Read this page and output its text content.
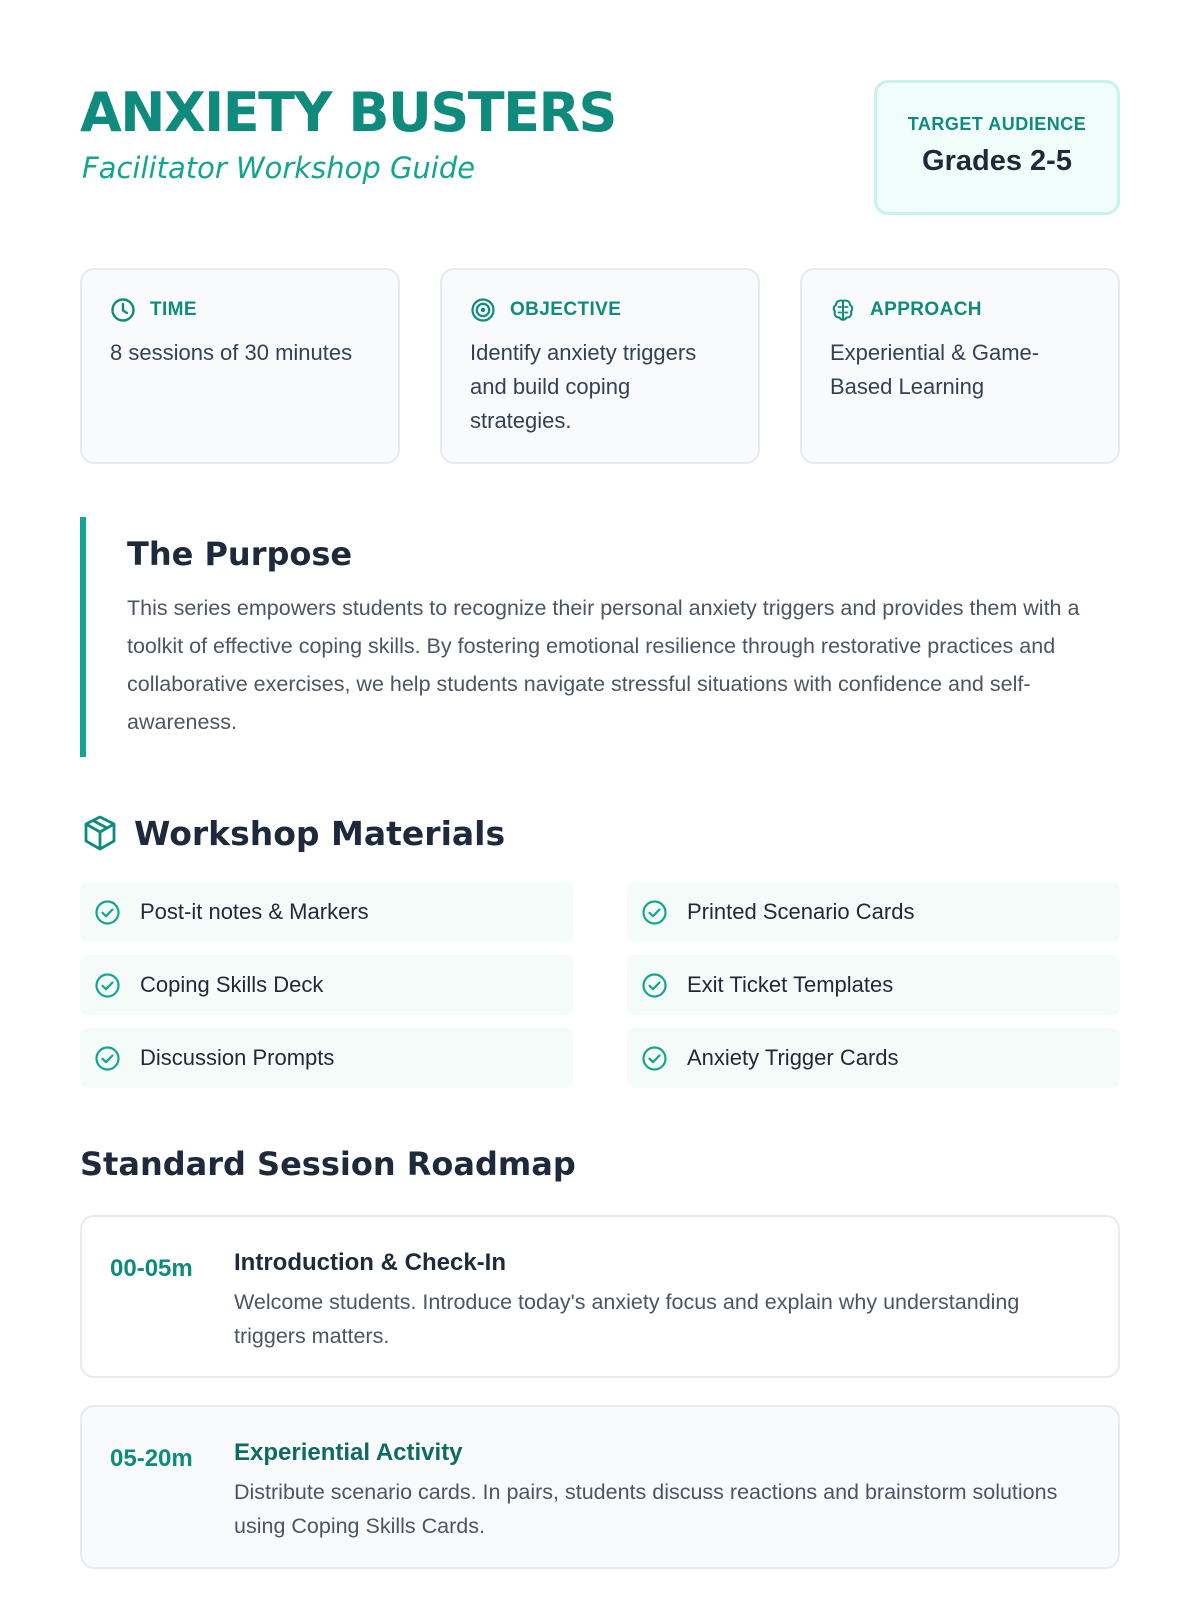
ANXIETY BUSTERS
Facilitator Workshop Guide
TARGET AUDIENCE
Grades 2-5
TIME
8 sessions of 30 minutes
OBJECTIVE
Identify anxiety triggers and build coping strategies.
APPROACH
Experiential & Game-Based Learning
The Purpose
This series empowers students to recognize their personal anxiety triggers and provides them with a toolkit of effective coping skills. By fostering emotional resilience through restorative practices and collaborative exercises, we help students navigate stressful situations with confidence and self-awareness.
Workshop Materials
Post-it notes & Markers	Printed Scenario Cards
Coping Skills Deck	Exit Ticket Templates
Discussion Prompts	Anxiety Trigger Cards
Standard Session Roadmap
00-05m Introduction & Check-In
Welcome students. Introduce today's anxiety focus and explain why understanding triggers matters.
05-20m Experiential Activity
Distribute scenario cards. In pairs, students discuss reactions and brainstorm solutions using Coping Skills Cards.
